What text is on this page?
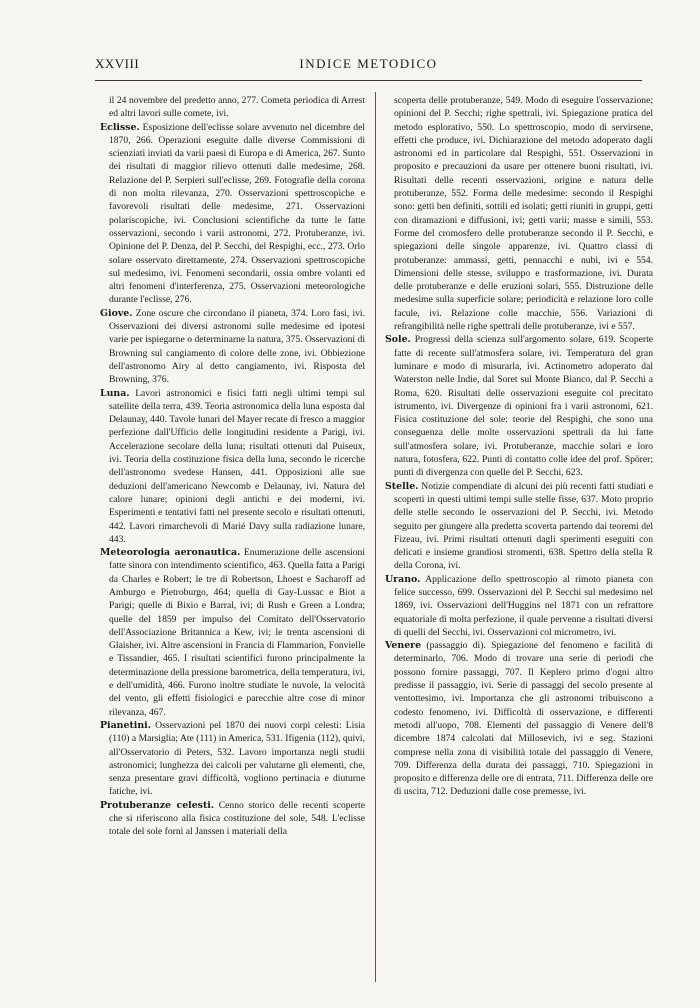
XXVIII	INDICE METODICO

il 24 novembre del predetto anno, 277. Cometa periodica di Arrest ed altri lavori sulle comete, ivi.

Eclisse. Esposizione dell'eclisse solare avvenuto nel dicembre del 1870, 266. Operazioni eseguite dalle diverse Commissioni di scienziati inviati da varii paesi di Europa e di America, 267. Sunto dei risultati di maggior rilievo ottenuti dalle medesime, 268. Relazione del P. Serpieri sull'eclisse, 269. Fotografie della corona di non molta rilevanza, 270. Osservazioni spettroscopiche e favorevoli risultati delle medesime, 271. Osservazioni polariscopiche, ivi. Conclusioni scientifiche da tutte le fatte osservazioni, secondo i varii astronomi, 272. Protuberanze, ivi. Opinione del P. Denza, del P. Secchi, del Respighi, ecc., 273. Orlo solare osservato direttamente, 274. Osservazioni spettroscopiche sul medesimo, ivi. Fenomeni secondarii, ossia ombre volanti ed altri fenomeni d'interferenza, 275. Osservazioni meteorologiche durante l'eclisse, 276.

Giove. Zone oscure che circondano il pianeta, 374. Loro fasi, ivi. Osservazioni dei diversi astronomi sulle medesime ed ipotesi varie per ispiegarne o determinarne la natura, 375. Osservazioni di Browning sul cangiamento di colore delle zone, ivi. Obbiezione dell'astronomo Airy al detto cangiamento, ivi. Risposta del Browning, 376.

Luna. Lavori astronomici e fisici fatti negli ultimi tempi sul satellite della terra, 439. Teoria astronomica della luna esposta dal Delaunay, 440. Tavole lunari del Mayer recate di fresco a maggior perfezione dall'Ufficio delle longitudini residente a Parigi, ivi. Accelerazione secolare della luna; risultati ottenuti dal Puiseux, ivi. Teoria della costituzione fisica della luna, secondo le ricerche dell'astronomo svedese Hansen, 441. Opposizioni alle sue deduzioni dell'americano Newcomb e Delaunay, ivi. Natura del calore lunare; opinioni degli antichi e dei moderni, ivi. Esperimenti e tentativi fatti nel presente secolo e risultati ottenuti, 442. Lavori rimarchevoli di Marié Davy sulla radiazione lunare, 443.

Meteorologia aeronautica. Enumerazione delle ascensioni fatte sinora con intendimento scientifico, 463. Quella fatta a Parigi da Charles e Robert; le tre di Robertson, Lhoest e Sacharoff ad Amburgo e Pietroburgo, 464; quella di Gay-Lussac e Biot a Parigi; quelle di Bixio e Barral, ivi; di Rush e Green a Londra; quelle del 1859 per impulso del Comitato dell'Osservatorio dell'Associazione Britannica a Kew, ivi; le trenta ascensioni di Glaisher, ivi. Altre ascensioni in Francia di Flammarion, Fonvielle e Tissandier, 465. I risultati scientifici furono principalmente la determinazione della pressione barometrica, della temperatura, ivi, e dell'umidità, 466. Furono inoltre studiate le nuvole, la velocità del vento, gli effetti fisiologici e parecchie altre cose di minor rilevanza, 467.

Pianetini. Osservazioni pel 1870 dei nuovi corpi celesti: Lisia (110) a Marsiglia; Ate (111) in America, 531. Ifigenia (112), quivi, all'Osservatorio di Peters, 532. Lavoro importanza negli studii astronomici; lunghezza dei calcoli per valutarne gli elementi, che, senza presentare gravi difficoltà, vogliono pertinacia e diuturne fatiche, ivi.

Protuberanze celesti. Cenno storico delle recenti scoperte che si riferiscono alla fisica costituzione del sole, 548. L'eclisse totale del sole fornì al Janssen i materiali della

scoperta delle protuberanze, 549. Modo di eseguire l'osservazione; opinioni del P. Secchi; righe spettrali, ivi. Spiegazione pratica del metodo esplorativo, 550. Lo spettroscopio, modo di servirsene, effetti che produce, ivi. Dichiarazione del metodo adoperato dagli astronomi ed in particolare dal Respighi, 551. Osservazioni in proposito e precauzioni da usare per ottenere buoni risultati, ivi. Risultati delle recenti osservazioni, origine e natura delle protuberanze, 552. Forma delle medesime: secondo il Respighi sono: getti ben definiti, sottili ed isolati; getti riuniti in gruppi, getti con diramazioni e diffusioni, ivi; getti varii; masse e simili, 553. Forme del cromosfero delle protuberanze secondo il P. Secchi, e spiegazioni delle singole apparenze, ivi. Quattro classi di protuberanze: ammassi, getti, pennacchi e nubi, ivi e 554. Dimensioni delle stesse, sviluppo e trasformazione, ivi. Durata delle protuberanze e delle eruzioni solari, 555. Distruzione delle medesime sulla superficie solare; periodicità e relazione loro colle facule, ivi. Relazione colle macchie, 556. Variazioni di refrangibilità nelle righe spettrali delle protuberanze, ivi e 557.

Sole. Progressi della scienza sull'argomento solare, 619. Scoperte fatte di recente sull'atmosfera solare, ivi. Temperatura del gran luminare e modo di misurarla, ivi. Actinometro adoperato dal Waterston nelle Indie, dal Soret sul Monte Bianco, dal P. Secchi a Roma, 620. Risultati delle osservazioni eseguite col precitato istrumento, ivi. Divergenze di opinioni fra i varii astronomi, 621. Fisica costituzione del sole: teorie del Respighi, che sono una conseguenza delle molte osservazioni spettrali da lui fatte sull'atmosfera solare, ivi. Protuberanze, macchie solari e loro natura, fotosfera, 622. Punti di contatto colle idee del prof. Spörer; punti di divergenza con quelle del P. Secchi, 623.

Stelle. Notizie compendiate di alcuni dei più recenti fatti studiati e scoperti in questi ultimi tempi sulle stelle fisse, 637. Moto proprio delle stelle secondo le osservazioni del P. Secchi, ivi. Metodo seguito per giungere alla predetta scoverta partendo dai teoremi del Fizeau, ivi. Primi risultati ottenuti dagli sperimenti eseguiti con delicati e insieme grandiosi stromenti, 638. Spettro della stella R della Corona, ivi.

Urano. Applicazione dello spettroscopio al rimoto pianeta con felice successo, 699. Osservazioni del P. Secchi sul medesimo nel 1869, ivi. Osservazioni dell'Huggins nel 1871 con un refrattore equatoriale di molta perfezione, il quale pervenne a risultati diversi di quelli del Secchi, ivi. Osservazioni col micrometro, ivi.

Venere (passaggio di). Spiegazione del fenomeno e facilità di determinarlo, 706. Modo di trovare una serie di periodi che possono fornire passaggi, 707. Il Keplero primo d'ogni altro predisse il passaggio, ivi. Serie di passaggi del secolo presente al ventottesimo, ivi. Importanza che gli astronomi tribuiscono a codesto fenomeno, ivi. Difficoltà di osservazione, e differenti metodi all'uopo, 708. Elementi del passaggio di Venere dell'8 dicembre 1874 calcolati dal Millosevich, ivi e seg. Stazioni comprese nella zona di visibilità totale del passaggio di Venere, 709. Differenza della durata dei passaggi, 710. Spiegazioni in proposito e differenza delle ore di entrata, 711. Differenza delle ore di uscita, 712. Deduzioni dalle cose premesse, ivi.
